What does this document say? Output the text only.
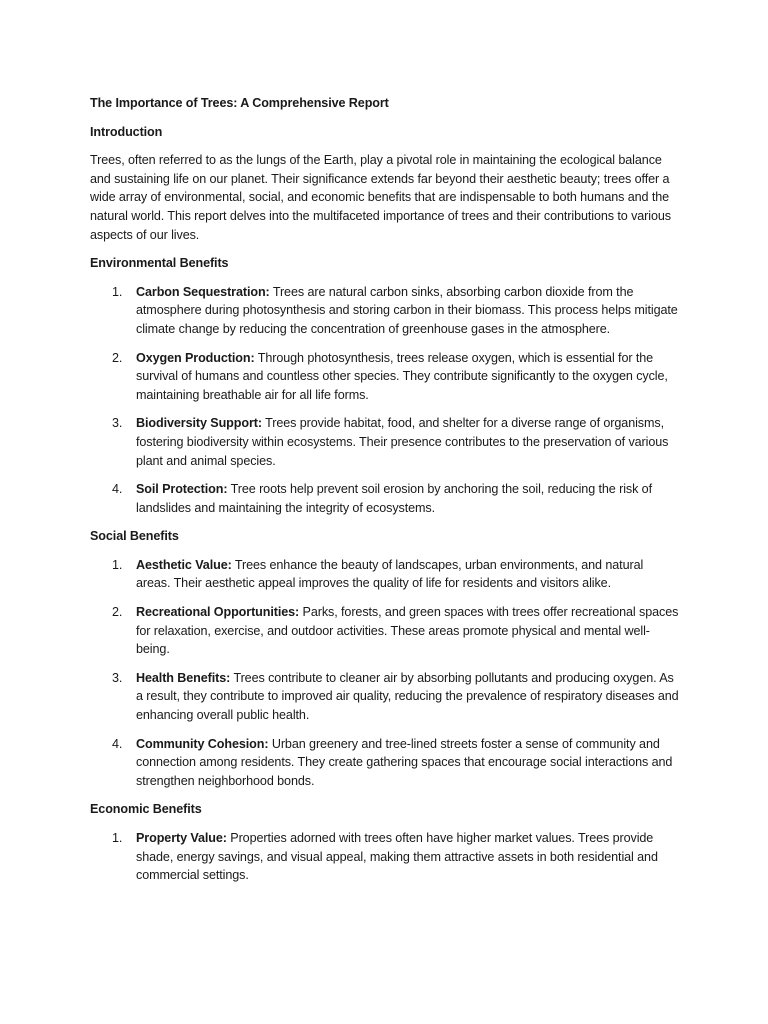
The Importance of Trees: A Comprehensive Report

Introduction

Trees, often referred to as the lungs of the Earth, play a pivotal role in maintaining the ecological balance and sustaining life on our planet. Their significance extends far beyond their aesthetic beauty; trees offer a wide array of environmental, social, and economic benefits that are indispensable to both humans and the natural world. This report delves into the multifaceted importance of trees and their contributions to various aspects of our lives.

Environmental Benefits

1. Carbon Sequestration: Trees are natural carbon sinks, absorbing carbon dioxide from the atmosphere during photosynthesis and storing carbon in their biomass. This process helps mitigate climate change by reducing the concentration of greenhouse gases in the atmosphere.
2. Oxygen Production: Through photosynthesis, trees release oxygen, which is essential for the survival of humans and countless other species. They contribute significantly to the oxygen cycle, maintaining breathable air for all life forms.
3. Biodiversity Support: Trees provide habitat, food, and shelter for a diverse range of organisms, fostering biodiversity within ecosystems. Their presence contributes to the preservation of various plant and animal species.
4. Soil Protection: Tree roots help prevent soil erosion by anchoring the soil, reducing the risk of landslides and maintaining the integrity of ecosystems.

Social Benefits

1. Aesthetic Value: Trees enhance the beauty of landscapes, urban environments, and natural areas. Their aesthetic appeal improves the quality of life for residents and visitors alike.
2. Recreational Opportunities: Parks, forests, and green spaces with trees offer recreational spaces for relaxation, exercise, and outdoor activities. These areas promote physical and mental well-being.
3. Health Benefits: Trees contribute to cleaner air by absorbing pollutants and producing oxygen. As a result, they contribute to improved air quality, reducing the prevalence of respiratory diseases and enhancing overall public health.
4. Community Cohesion: Urban greenery and tree-lined streets foster a sense of community and connection among residents. They create gathering spaces that encourage social interactions and strengthen neighborhood bonds.

Economic Benefits

1. Property Value: Properties adorned with trees often have higher market values. Trees provide shade, energy savings, and visual appeal, making them attractive assets in both residential and commercial settings.
